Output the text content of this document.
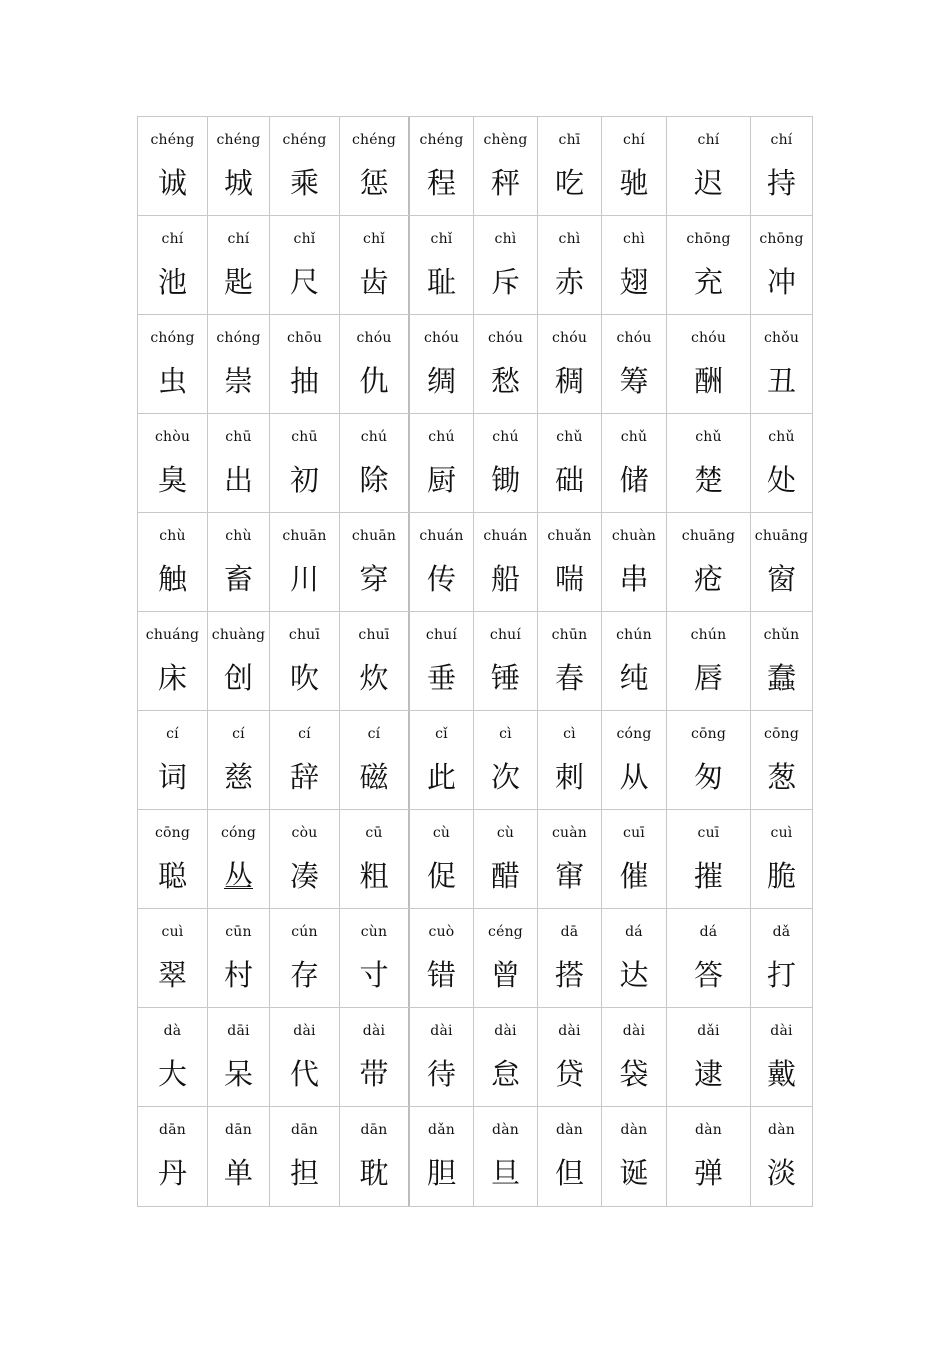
chéng
诚
chéng
城
chéng
乘
chéng
惩
chéng
程
chèng
秤
chī
吃
chí
驰
chí
迟
chí
持
chí
池
chí
匙
chǐ
尺
chǐ
齿
chǐ
耻
chì
斥
chì
赤
chì
翅
chōng
充
chōng
冲
chóng
虫
chóng
崇
chōu
抽
chóu
仇
chóu
绸
chóu
愁
chóu
稠
chóu
筹
chóu
酬
chǒu
丑
chòu
臭
chū
出
chū
初
chú
除
chú
厨
chú
锄
chǔ
础
chǔ
储
chǔ
楚
chǔ
处
chù
触
chù
畜
chuān
川
chuān
穿
chuán
传
chuán
船
chuǎn
喘
chuàn
串
chuāng
疮
chuāng
窗
chuáng
床
chuàng
创
chuī
吹
chuī
炊
chuí
垂
chuí
锤
chūn
春
chún
纯
chún
唇
chǔn
蠢
cí
词
cí
慈
cí
辞
cí
磁
cǐ
此
cì
次
cì
刺
cóng
从
cōng
匆
cōng
葱
cōng
聪
cóng
丛
còu
凑
cū
粗
cù
促
cù
醋
cuàn
窜
cuī
催
cuī
摧
cuì
脆
cuì
翠
cūn
村
cún
存
cùn
寸
cuò
错
céng
曾
dā
搭
dá
达
dá
答
dǎ
打
dà
大
dāi
呆
dài
代
dài
带
dài
待
dài
怠
dài
贷
dài
袋
dǎi
逮
dài
戴
dān
丹
dān
单
dān
担
dān
耽
dǎn
胆
dàn
旦
dàn
但
dàn
诞
dàn
弹
dàn
淡
